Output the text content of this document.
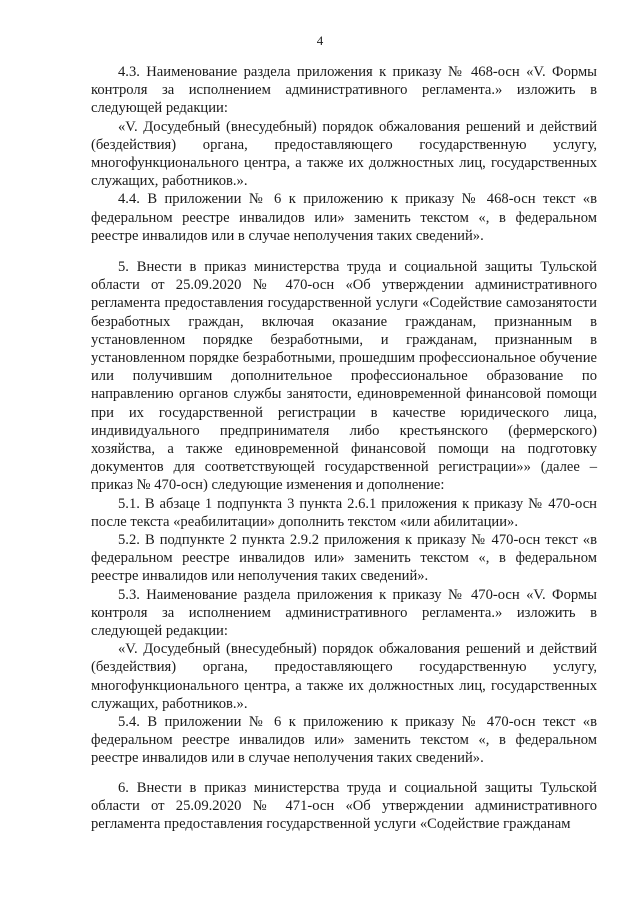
4

4.3. Наименование раздела приложения к приказу № 468-осн «V. Формы контроля за исполнением административного регламента.» изложить в следующей редакции:

«V. Досудебный (внесудебный) порядок обжалования решений и действий (бездействия) органа, предоставляющего государственную услугу, многофункционального центра, а также их должностных лиц, государственных служащих, работников.».

4.4. В приложении № 6 к приложению к приказу № 468-осн текст «в федеральном реестре инвалидов или» заменить текстом «, в федеральном реестре инвалидов или в случае неполучения таких сведений».

5. Внести в приказ министерства труда и социальной защиты Тульской области от 25.09.2020 № 470-осн «Об утверждении административного регламента предоставления государственной услуги «Содействие самозанятости безработных граждан, включая оказание гражданам, признанным в установленном порядке безработными, и гражданам, признанным в установленном порядке безработными, прошедшим профессиональное обучение или получившим дополнительное профессиональное образование по направлению органов службы занятости, единовременной финансовой помощи при их государственной регистрации в качестве юридического лица, индивидуального предпринимателя либо крестьянского (фермерского) хозяйства, а также единовременной финансовой помощи на подготовку документов для соответствующей государственной регистрации»» (далее – приказ № 470-осн) следующие изменения и дополнение:

5.1. В абзаце 1 подпункта 3 пункта 2.6.1 приложения к приказу № 470-осн после текста «реабилитации» дополнить текстом «или абилитации».

5.2. В подпункте 2 пункта 2.9.2 приложения к приказу № 470-осн текст «в федеральном реестре инвалидов или» заменить текстом «, в федеральном реестре инвалидов или неполучения таких сведений».

5.3. Наименование раздела приложения к приказу № 470-осн «V. Формы контроля за исполнением административного регламента.» изложить в следующей редакции:

«V. Досудебный (внесудебный) порядок обжалования решений и действий (бездействия) органа, предоставляющего государственную услугу, многофункционального центра, а также их должностных лиц, государственных служащих, работников.».

5.4. В приложении № 6 к приложению к приказу № 470-осн текст «в федеральном реестре инвалидов или» заменить текстом «, в федеральном реестре инвалидов или в случае неполучения таких сведений».

6. Внести в приказ министерства труда и социальной защиты Тульской области от 25.09.2020 № 471-осн «Об утверждении административного регламента предоставления государственной услуги «Содействие гражданам
